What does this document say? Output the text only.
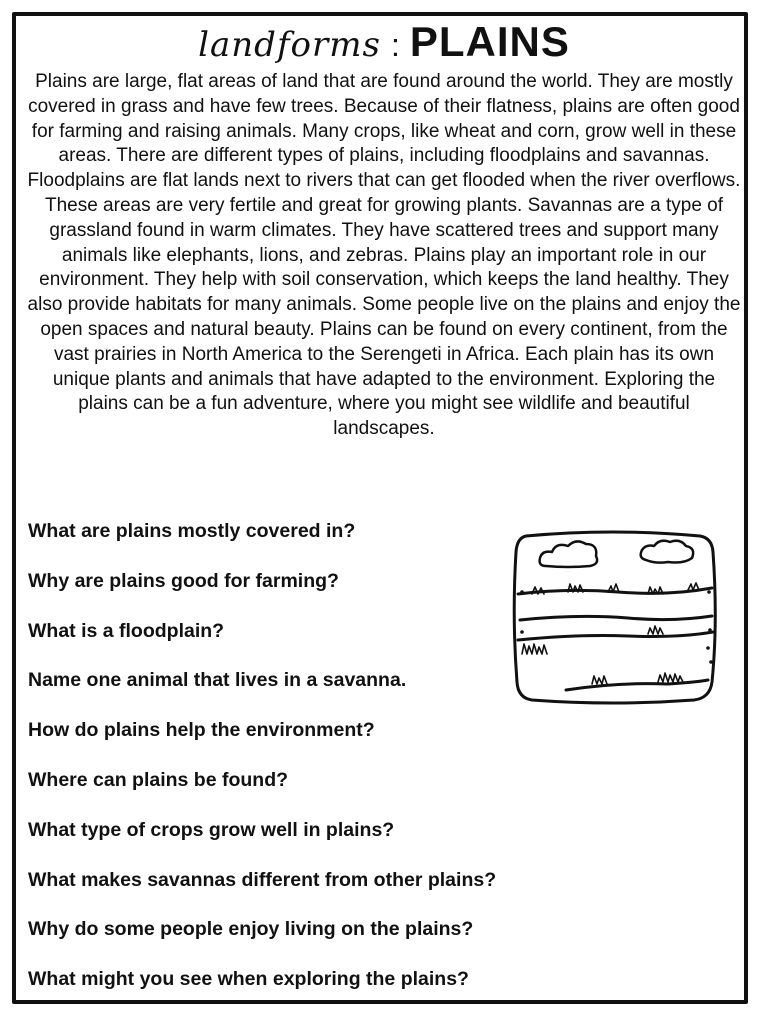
landforms : PLAINS
Plains are large, flat areas of land that are found around the world. They are mostly covered in grass and have few trees. Because of their flatness, plains are often good for farming and raising animals. Many crops, like wheat and corn, grow well in these areas. There are different types of plains, including floodplains and savannas. Floodplains are flat lands next to rivers that can get flooded when the river overflows. These areas are very fertile and great for growing plants. Savannas are a type of grassland found in warm climates. They have scattered trees and support many animals like elephants, lions, and zebras. Plains play an important role in our environment. They help with soil conservation, which keeps the land healthy. They also provide habitats for many animals. Some people live on the plains and enjoy the open spaces and natural beauty. Plains can be found on every continent, from the vast prairies in North America to the Serengeti in Africa. Each plain has its own unique plants and animals that have adapted to the environment. Exploring the plains can be a fun adventure, where you might see wildlife and beautiful landscapes.
What are plains mostly covered in?
Why are plains good for farming?
What is a floodplain?
Name one animal that lives in a savanna.
How do plains help the environment?
Where can plains be found?
What type of crops grow well in plains?
What makes savannas different from other plains?
Why do some people enjoy living on the plains?
What might you see when exploring the plains?
